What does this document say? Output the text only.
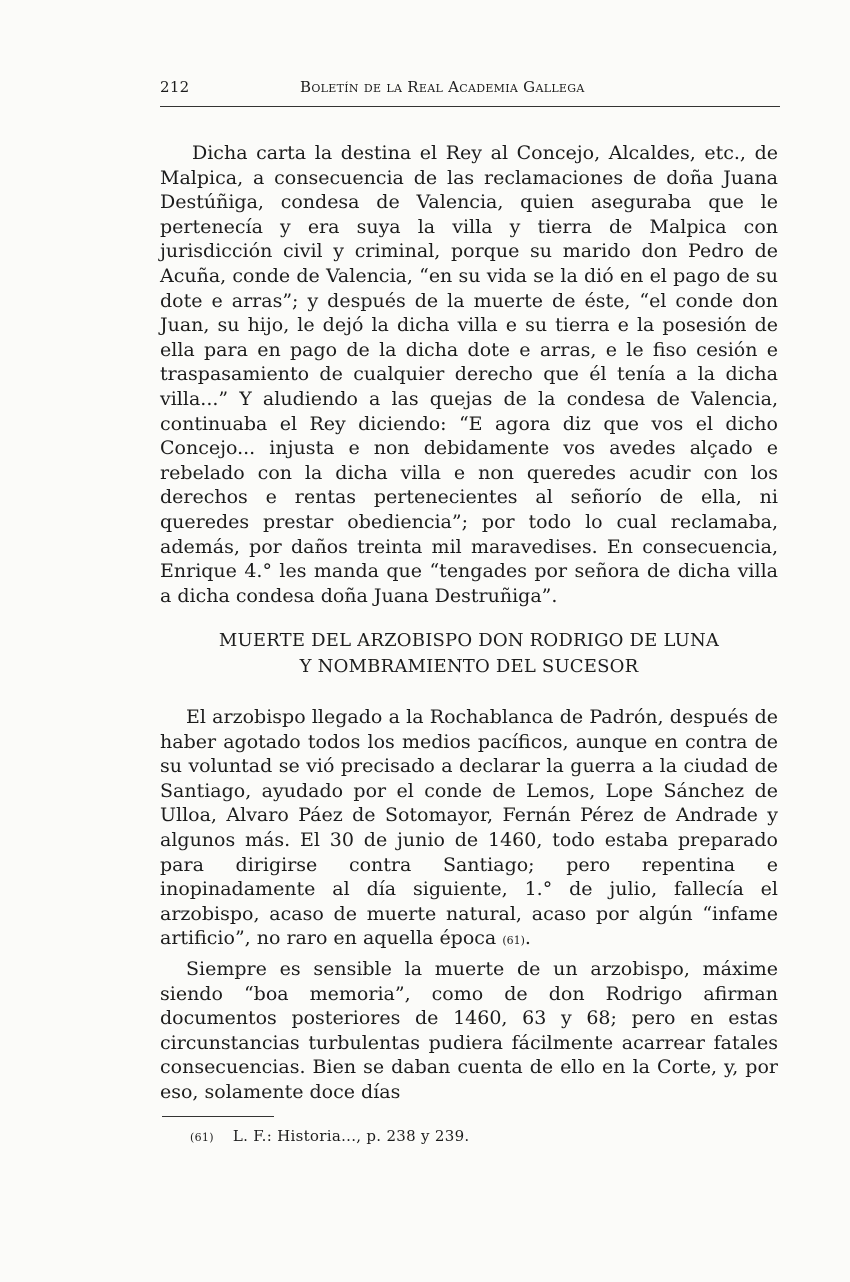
212	Boletín de la Real Academia Gallega

Dicha carta la destina el Rey al Concejo, Alcaldes, etc., de Malpica, a consecuencia de las reclamaciones de doña Juana Destúñiga, condesa de Valencia, quien aseguraba que le pertenecía y era suya la villa y tierra de Malpica con jurisdicción civil y criminal, porque su marido don Pedro de Acuña, conde de Valencia, “en su vida se la dió en el pago de su dote e arras”; y después de la muerte de éste, “el conde don Juan, su hijo, le dejó la dicha villa e su tierra e la posesión de ella para en pago de la dicha dote e arras, e le fiso cesión e traspasamiento de cualquier derecho que él tenía a la dicha villa...” Y aludiendo a las quejas de la condesa de Valencia, continuaba el Rey diciendo: “E agora diz que vos el dicho Concejo... injusta e non debidamente vos avedes alçado e rebelado con la dicha villa e non queredes acudir con los derechos e rentas pertenecientes al señorío de ella, ni queredes prestar obediencia”; por todo lo cual reclamaba, además, por daños treinta mil maravedises. En consecuencia, Enrique 4.° les manda que “tengades por señora de dicha villa a dicha condesa doña Juana Destruñiga”.

MUERTE DEL ARZOBISPO DON RODRIGO DE LUNA
Y NOMBRAMIENTO DEL SUCESOR

El arzobispo llegado a la Rochablanca de Padrón, después de haber agotado todos los medios pacíficos, aunque en contra de su voluntad se vió precisado a declarar la guerra a la ciudad de Santiago, ayudado por el conde de Lemos, Lope Sánchez de Ulloa, Alvaro Páez de Sotomayor, Fernán Pérez de Andrade y algunos más. El 30 de junio de 1460, todo estaba preparado para dirigirse contra Santiago; pero repentina e inopinadamente al día siguiente, 1.° de julio, fallecía el arzobispo, acaso de muerte natural, acaso por algún “infame artificio”, no raro en aquella época (61).

Siempre es sensible la muerte de un arzobispo, máxime siendo “boa memoria”, como de don Rodrigo afirman documentos posteriores de 1460, 63 y 68; pero en estas circunstancias turbulentas pudiera fácilmente acarrear fatales consecuencias. Bien se daban cuenta de ello en la Corte, y, por eso, solamente doce días

(61) L. F.: Historia..., p. 238 y 239.
